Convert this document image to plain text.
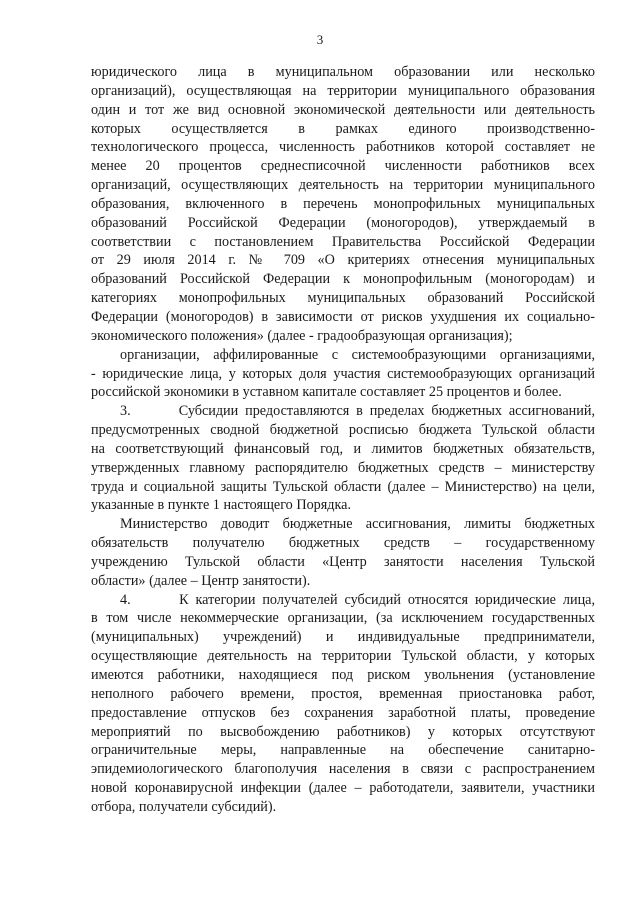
3
юридического лица в муниципальном образовании или несколько
организаций), осуществляющая на территории муниципального образования
один и тот же вид основной экономической деятельности или деятельность
которых осуществляется в рамках единого производственно-
технологического процесса, численность работников которой составляет не
менее 20 процентов среднесписочной численности работников всех
организаций, осуществляющих деятельность на территории муниципального
образования, включенного в перечень монопрофильных муниципальных
образований Российской Федерации (моногородов), утверждаемый в
соответствии с постановлением Правительства Российской Федерации
от 29 июля 2014 г. № 709 «О критериях отнесения муниципальных
образований Российской Федерации к монопрофильным (моногородам) и
категориях монопрофильных муниципальных образований Российской
Федерации (моногородов) в зависимости от рисков ухудшения их социально-
экономического положения» (далее - градообразующая организация);
организации, аффилированные с системообразующими организациями,
- юридические лица, у которых доля участия системообразующих организаций
российской экономики в уставном капитале составляет 25 процентов и более.
3.       Субсидии предоставляются в пределах бюджетных ассигнований,
предусмотренных сводной бюджетной росписью бюджета Тульской области
на соответствующий финансовый год, и лимитов бюджетных обязательств,
утвержденных главному распорядителю бюджетных средств – министерству
труда и социальной защиты Тульской области (далее – Министерство) на цели,
указанные в пункте 1 настоящего Порядка.
Министерство доводит бюджетные ассигнования, лимиты бюджетных
обязательств получателю бюджетных средств – государственному
учреждению Тульской области «Центр занятости населения Тульской
области» (далее – Центр занятости).
4.       К категории получателей субсидий относятся юридические лица,
в том числе некоммерческие организации, (за исключением государственных
(муниципальных) учреждений) и индивидуальные предприниматели,
осуществляющие деятельность на территории Тульской области, у которых
имеются работники, находящиеся под риском увольнения (установление
неполного рабочего времени, простоя, временная приостановка работ,
предоставление отпусков без сохранения заработной платы, проведение
мероприятий по высвобождению работников) у которых отсутствуют
ограничительные меры, направленные на обеспечение санитарно-
эпидемиологического благополучия населения в связи с распространением
новой коронавирусной инфекции (далее – работодатели, заявители, участники
отбора, получатели субсидий).
